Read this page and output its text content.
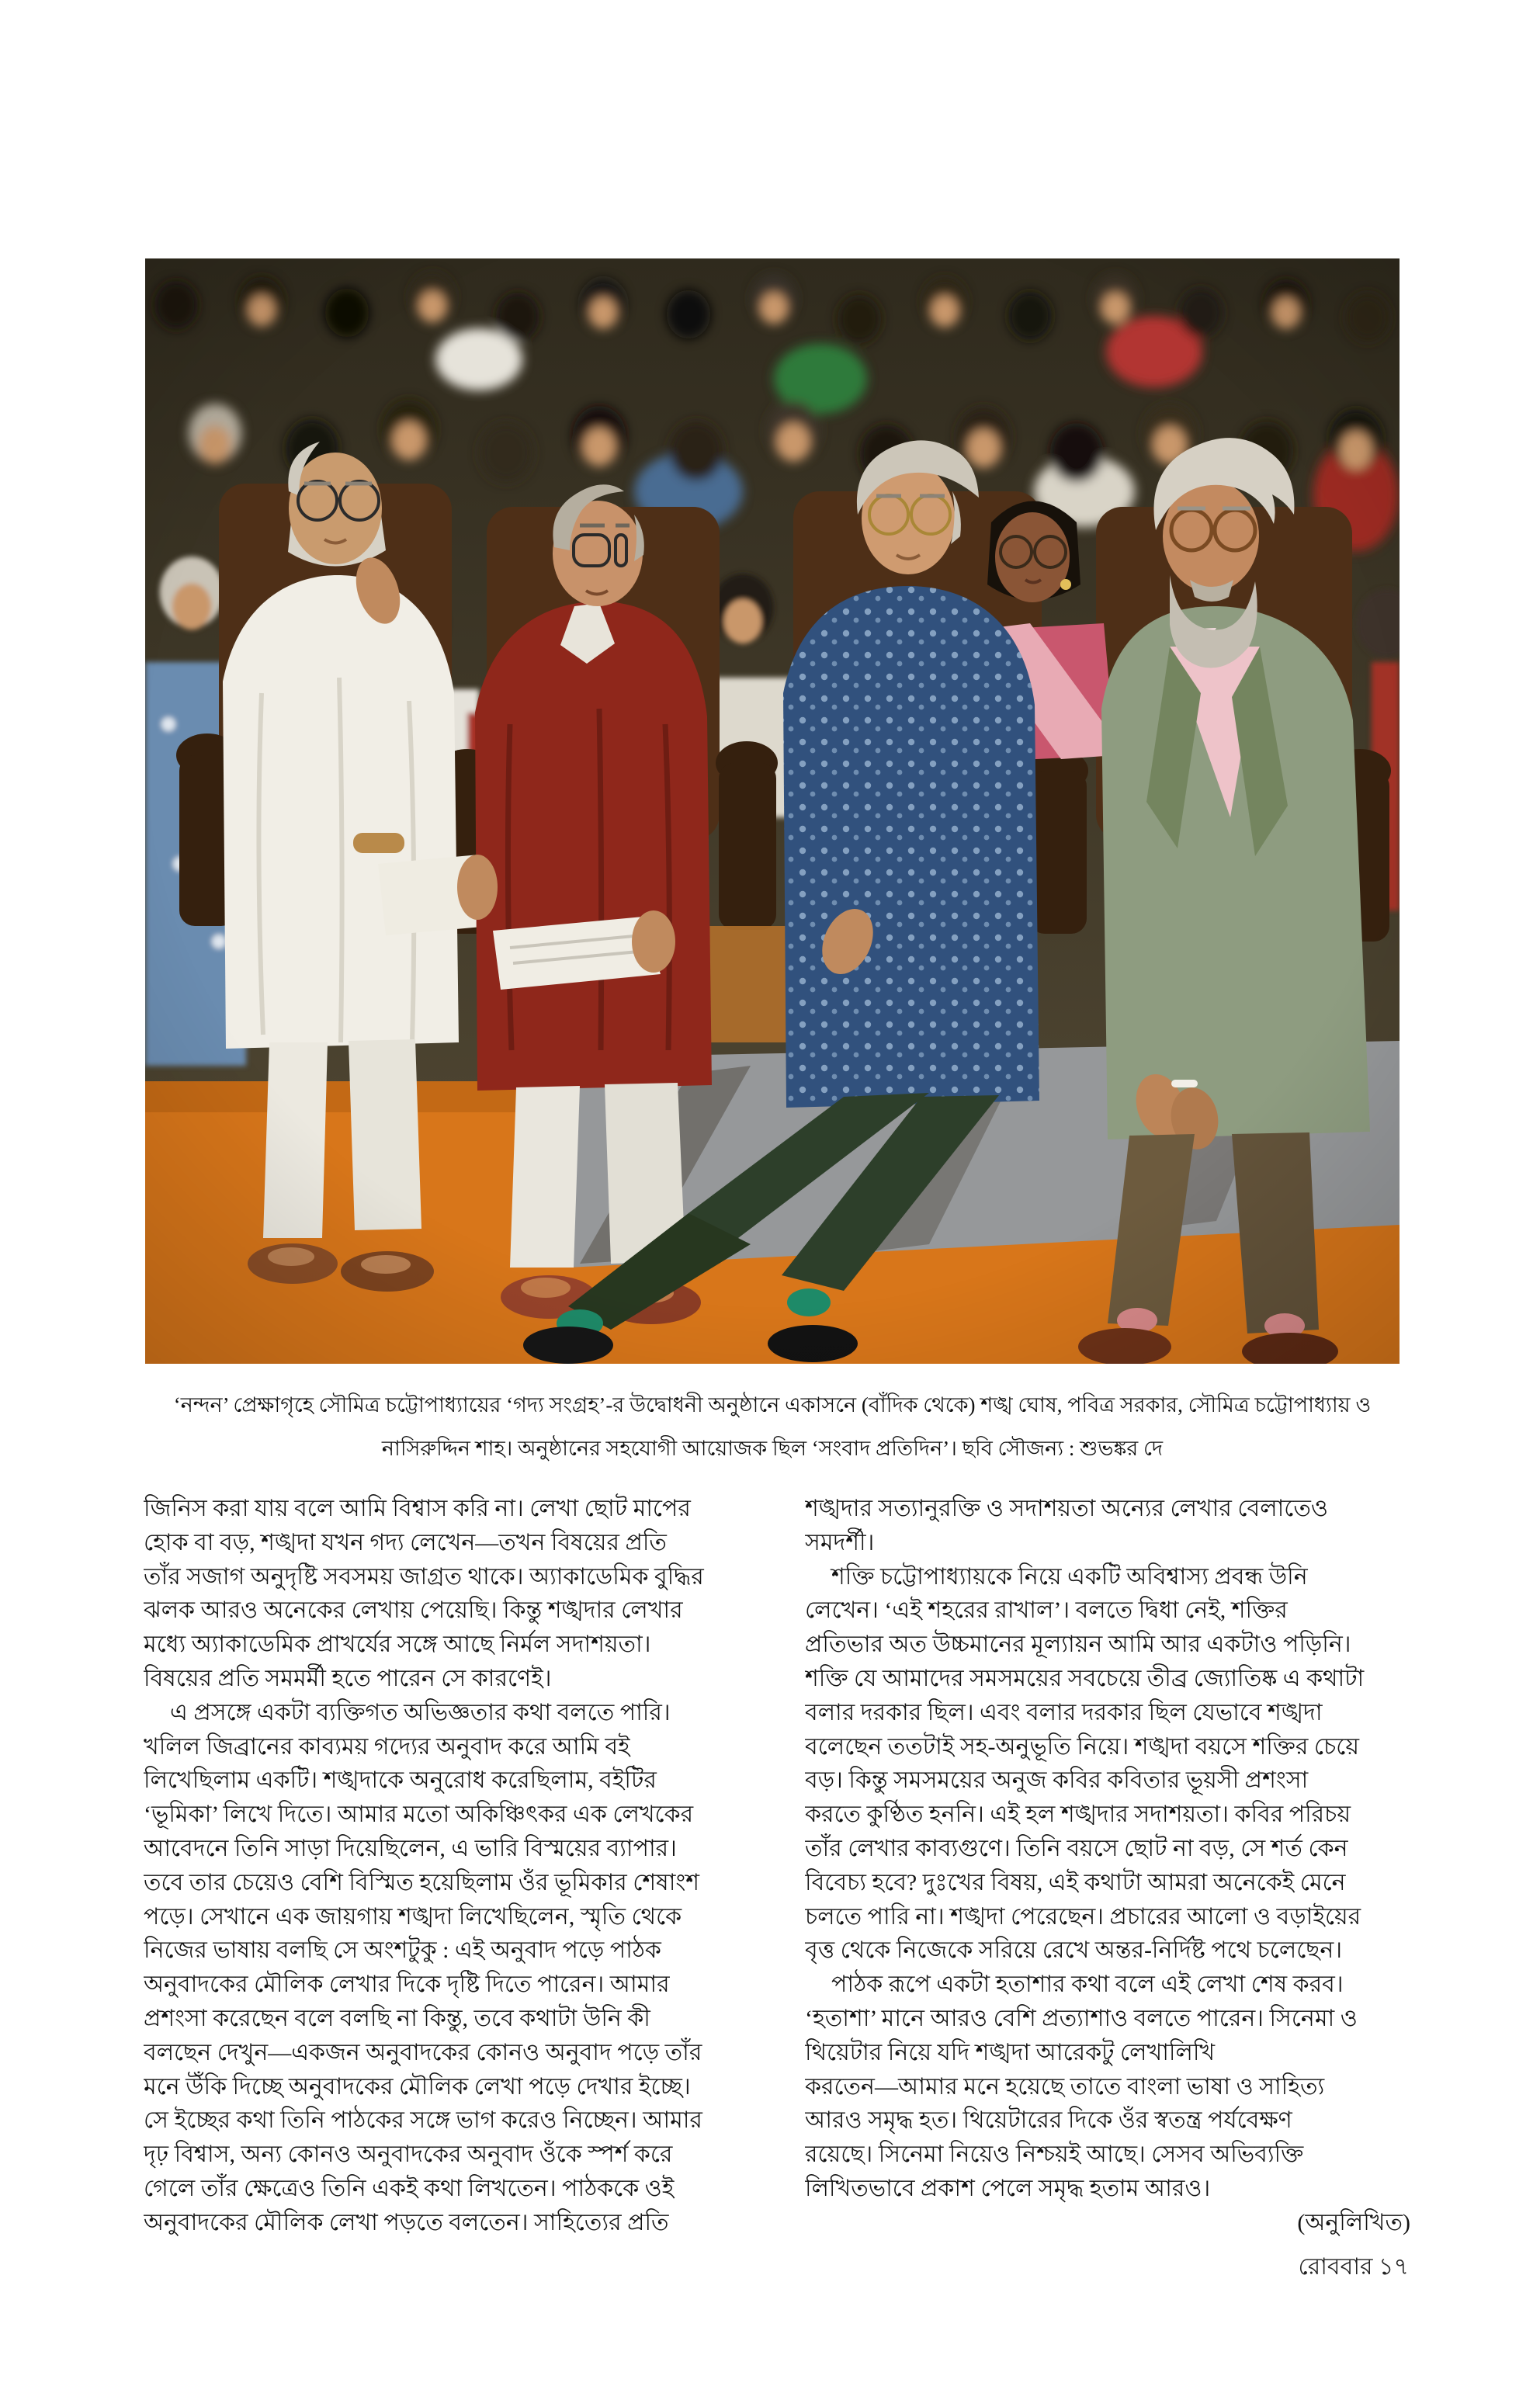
‘নন্দন’ প্রেক্ষাগৃহে সৌমিত্র চট্টোপাধ্যায়ের ‘গদ্য সংগ্রহ’-র উদ্বোধনী অনুষ্ঠানে একাসনে (বাঁদিক থেকে) শঙ্খ ঘোষ, পবিত্র সরকার, সৌমিত্র চট্টোপাধ্যায় ও
নাসিরুদ্দিন শাহ। অনুষ্ঠানের সহযোগী আয়োজক ছিল ‘সংবাদ প্রতিদিন’। ছবি সৌজন্য : শুভঙ্কর দে
জিনিস করা যায় বলে আমি বিশ্বাস করি না। লেখা ছোট মাপের
হোক বা বড়, শঙ্খদা যখন গদ্য লেখেন—তখন বিষয়ের প্রতি
তাঁর সজাগ অনুদৃষ্টি সবসময় জাগ্রত থাকে। অ্যাকাডেমিক বুদ্ধির
ঝলক আরও অনেকের লেখায় পেয়েছি। কিন্তু শঙ্খদার লেখার
মধ্যে অ্যাকাডেমিক প্রাখর্যের সঙ্গে আছে নির্মল সদাশয়তা।
বিষয়ের প্রতি সমমর্মী হতে পারেন সে কারণেই।
এ প্রসঙ্গে একটা ব্যক্তিগত অভিজ্ঞতার কথা বলতে পারি।
খলিল জিব্রানের কাব্যময় গদ্যের অনুবাদ করে আমি বই
লিখেছিলাম একটি। শঙ্খদাকে অনুরোধ করেছিলাম, বইটির
‘ভূমিকা’ লিখে দিতে। আমার মতো অকিঞ্চিৎকর এক লেখকের
আবেদনে তিনি সাড়া দিয়েছিলেন, এ ভারি বিস্ময়ের ব্যাপার।
তবে তার চেয়েও বেশি বিস্মিত হয়েছিলাম ওঁর ভূমিকার শেষাংশ
পড়ে। সেখানে এক জায়গায় শঙ্খদা লিখেছিলেন, স্মৃতি থেকে
নিজের ভাষায় বলছি সে অংশটুকু : এই অনুবাদ পড়ে পাঠক
অনুবাদকের মৌলিক লেখার দিকে দৃষ্টি দিতে পারেন। আমার
প্রশংসা করেছেন বলে বলছি না কিন্তু, তবে কথাটা উনি কী
বলছেন দেখুন—একজন অনুবাদকের কোনও অনুবাদ পড়ে তাঁর
মনে উঁকি দিচ্ছে অনুবাদকের মৌলিক লেখা পড়ে দেখার ইচ্ছে।
সে ইচ্ছের কথা তিনি পাঠকের সঙ্গে ভাগ করেও নিচ্ছেন। আমার
দৃঢ় বিশ্বাস, অন্য কোনও অনুবাদকের অনুবাদ ওঁকে স্পর্শ করে
গেলে তাঁর ক্ষেত্রেও তিনি একই কথা লিখতেন। পাঠককে ওই
অনুবাদকের মৌলিক লেখা পড়তে বলতেন। সাহিত্যের প্রতি
শঙ্খদার সত্যানুরক্তি ও সদাশয়তা অন্যের লেখার বেলাতেও
সমদর্শী।
শক্তি চট্টোপাধ্যায়কে নিয়ে একটি অবিশ্বাস্য প্রবন্ধ উনি
লেখেন। ‘এই শহরের রাখাল’। বলতে দ্বিধা নেই, শক্তির
প্রতিভার অত উচ্চমানের মূল্যায়ন আমি আর একটাও পড়িনি।
শক্তি যে আমাদের সমসময়ের সবচেয়ে তীব্র জ্যোতিষ্ক এ কথাটা
বলার দরকার ছিল। এবং বলার দরকার ছিল যেভাবে শঙ্খদা
বলেছেন ততটাই সহ-অনুভূতি নিয়ে। শঙ্খদা বয়সে শক্তির চেয়ে
বড়। কিন্তু সমসময়ের অনুজ কবির কবিতার ভূয়সী প্রশংসা
করতে কুণ্ঠিত হননি। এই হল শঙ্খদার সদাশয়তা। কবির পরিচয়
তাঁর লেখার কাব্যগুণে। তিনি বয়সে ছোট না বড়, সে শর্ত কেন
বিবেচ্য হবে? দুঃখের বিষয়, এই কথাটা আমরা অনেকেই মেনে
চলতে পারি না। শঙ্খদা পেরেছেন। প্রচারের আলো ও বড়াইয়ের
বৃত্ত থেকে নিজেকে সরিয়ে রেখে অন্তর-নির্দিষ্ট পথে চলেছেন।
পাঠক রূপে একটা হতাশার কথা বলে এই লেখা শেষ করব।
‘হতাশা’ মানে আরও বেশি প্রত্যাশাও বলতে পারেন। সিনেমা ও
থিয়েটার নিয়ে যদি শঙ্খদা আরেকটু লেখালিখি
করতেন—আমার মনে হয়েছে তাতে বাংলা ভাষা ও সাহিত্য
আরও সমৃদ্ধ হত। থিয়েটারের দিকে ওঁর স্বতন্ত্র পর্যবেক্ষণ
রয়েছে। সিনেমা নিয়েও নিশ্চয়ই আছে। সেসব অভিব্যক্তি
লিখিতভাবে প্রকাশ পেলে সমৃদ্ধ হতাম আরও।
(অনুলিখিত)
রোববার ১৭
